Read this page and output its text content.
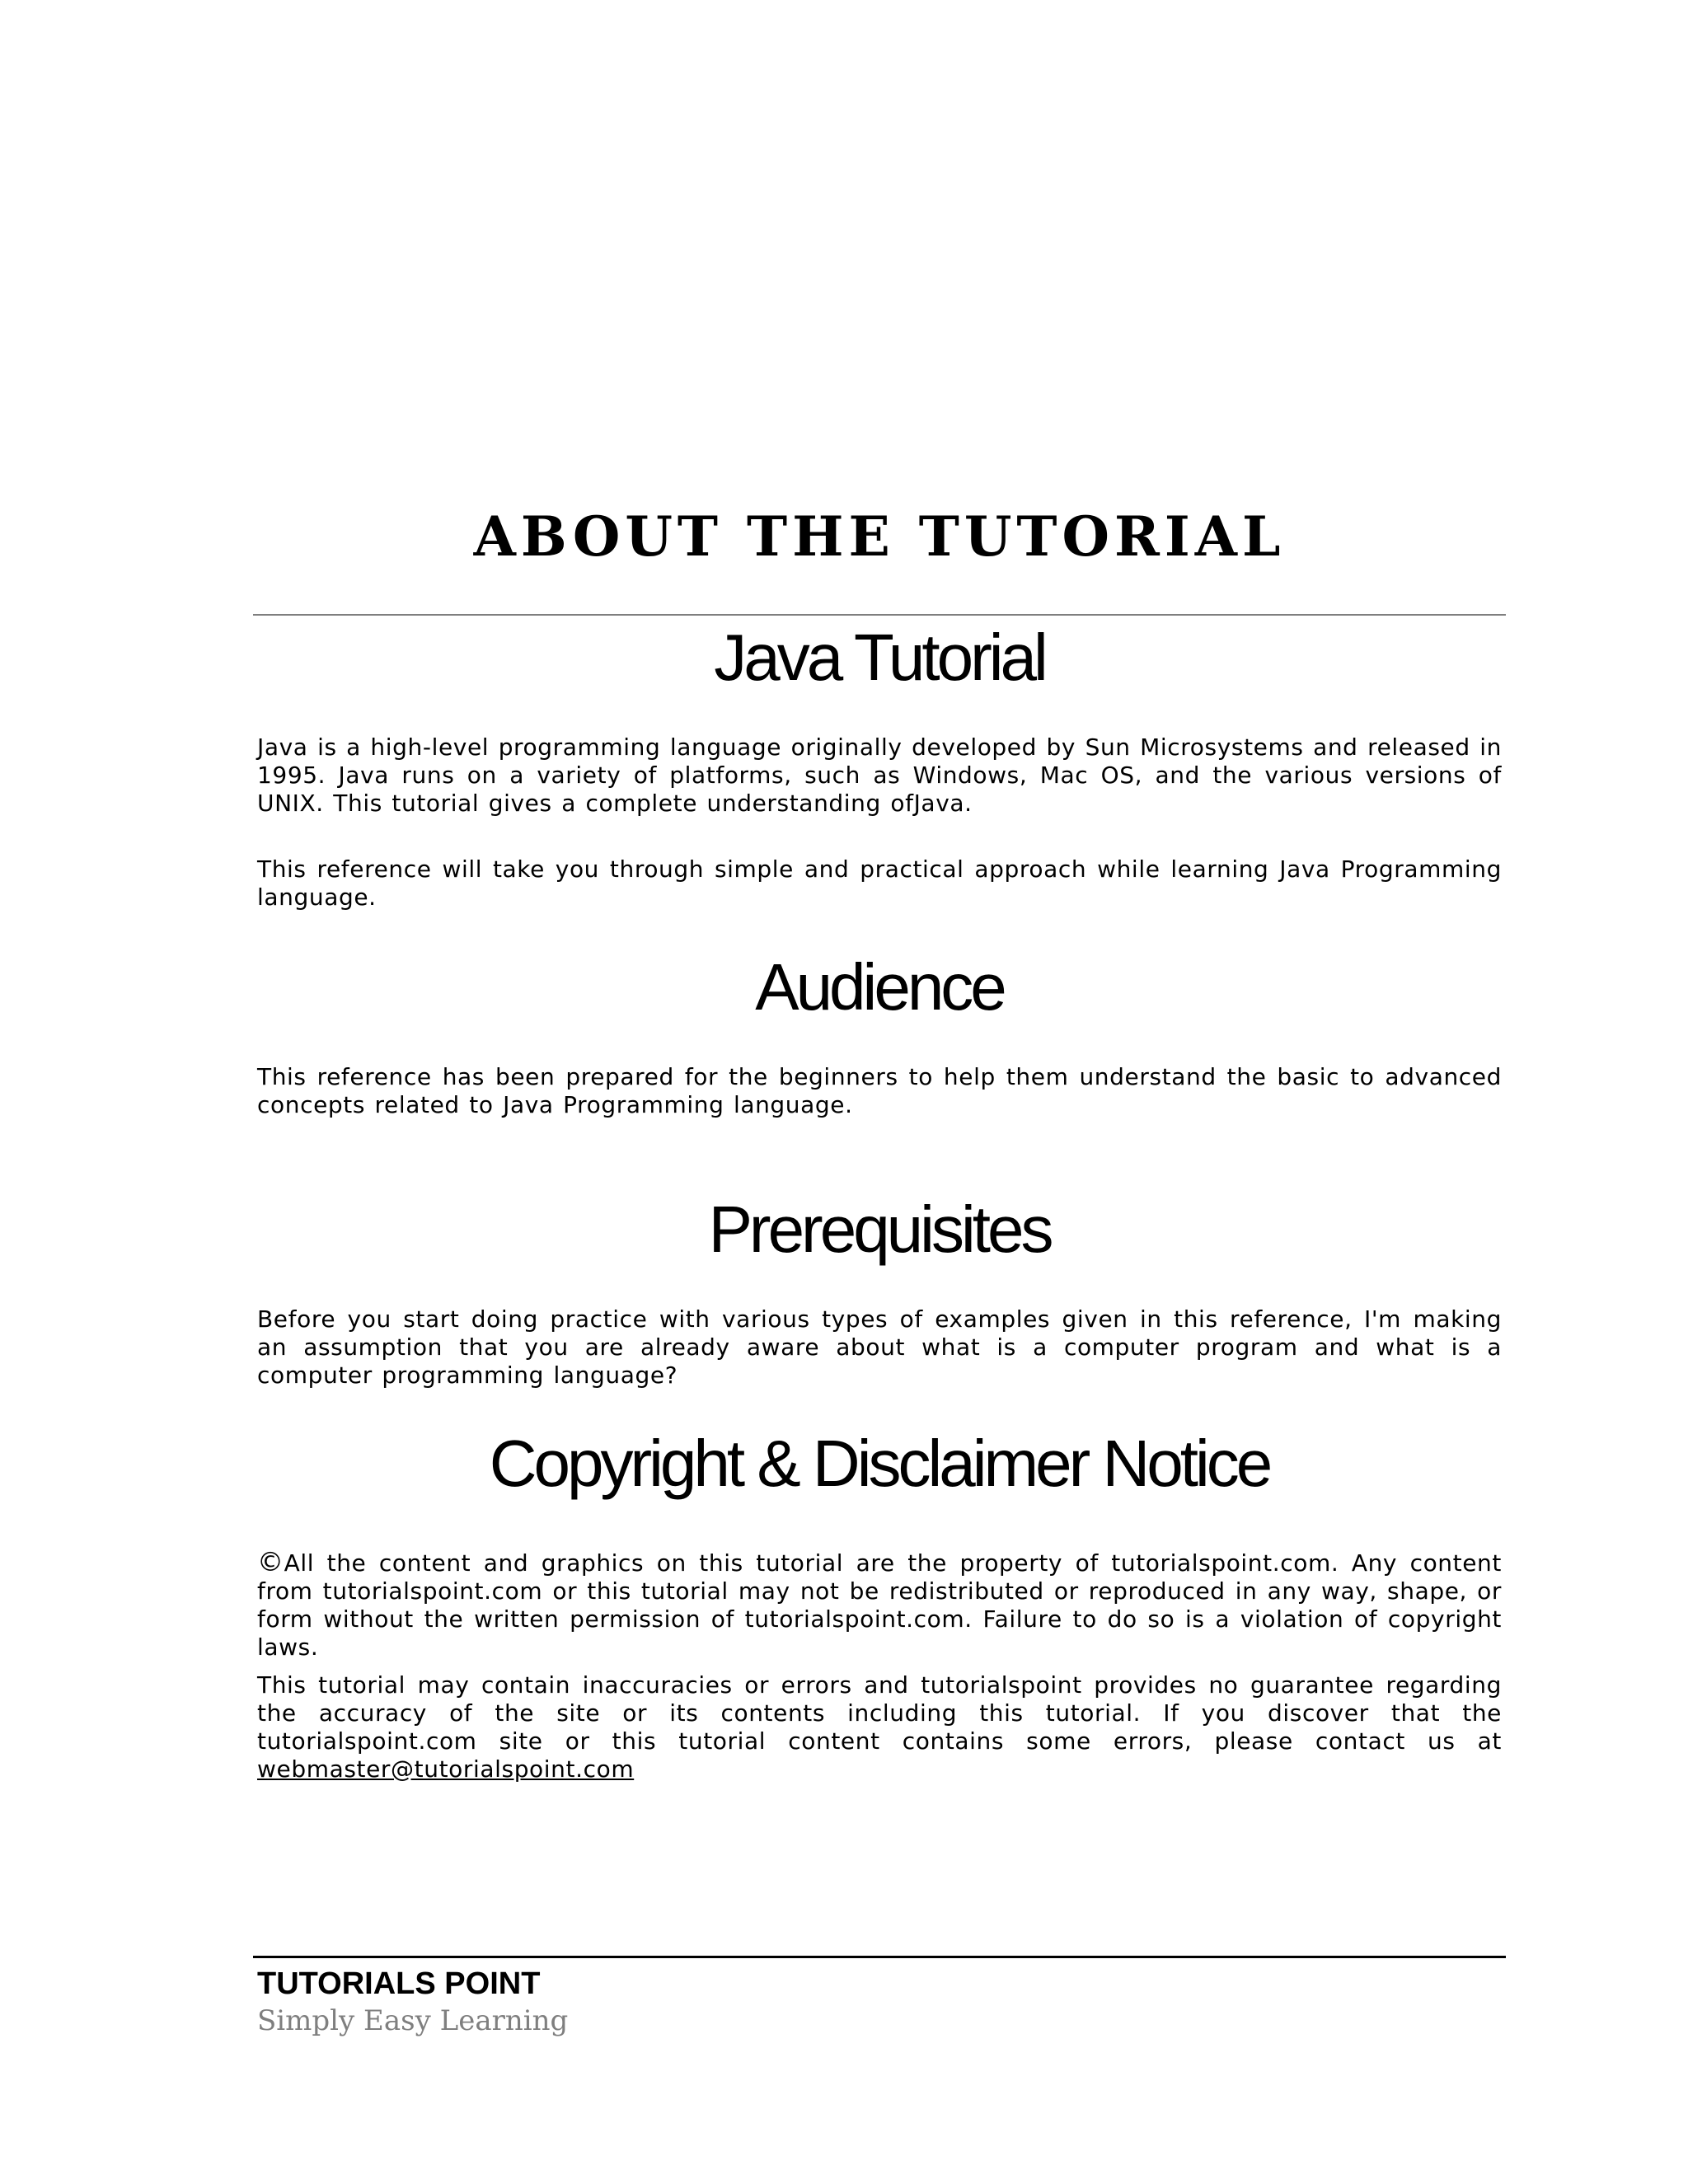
ABOUT THE TUTORIAL
Java Tutorial

Java is a high-level programming language originally developed by Sun Microsystems and released in 1995. Java runs on a variety of platforms, such as Windows, Mac OS, and the various versions of UNIX. This tutorial gives a complete understanding ofJava.

This reference will take you through simple and practical approach while learning Java Programming language.

Audience

This reference has been prepared for the beginners to help them understand the basic to advanced concepts related to Java Programming language.

Prerequisites

Before you start doing practice with various types of examples given in this reference, I'm making an assumption that you are already aware about what is a computer program and what is a computer programming language?

Copyright & Disclaimer Notice

©All the content and graphics on this tutorial are the property of tutorialspoint.com. Any content from tutorialspoint.com or this tutorial may not be redistributed or reproduced in any way, shape, or form without the written permission of tutorialspoint.com. Failure to do so is a violation of copyright laws.

This tutorial may contain inaccuracies or errors and tutorialspoint provides no guarantee regarding the accuracy of the site or its contents including this tutorial. If you discover that the tutorialspoint.com site or this tutorial content contains some errors, please contact us at webmaster@tutorialspoint.com

TUTORIALS POINT

Simply Easy Learning
